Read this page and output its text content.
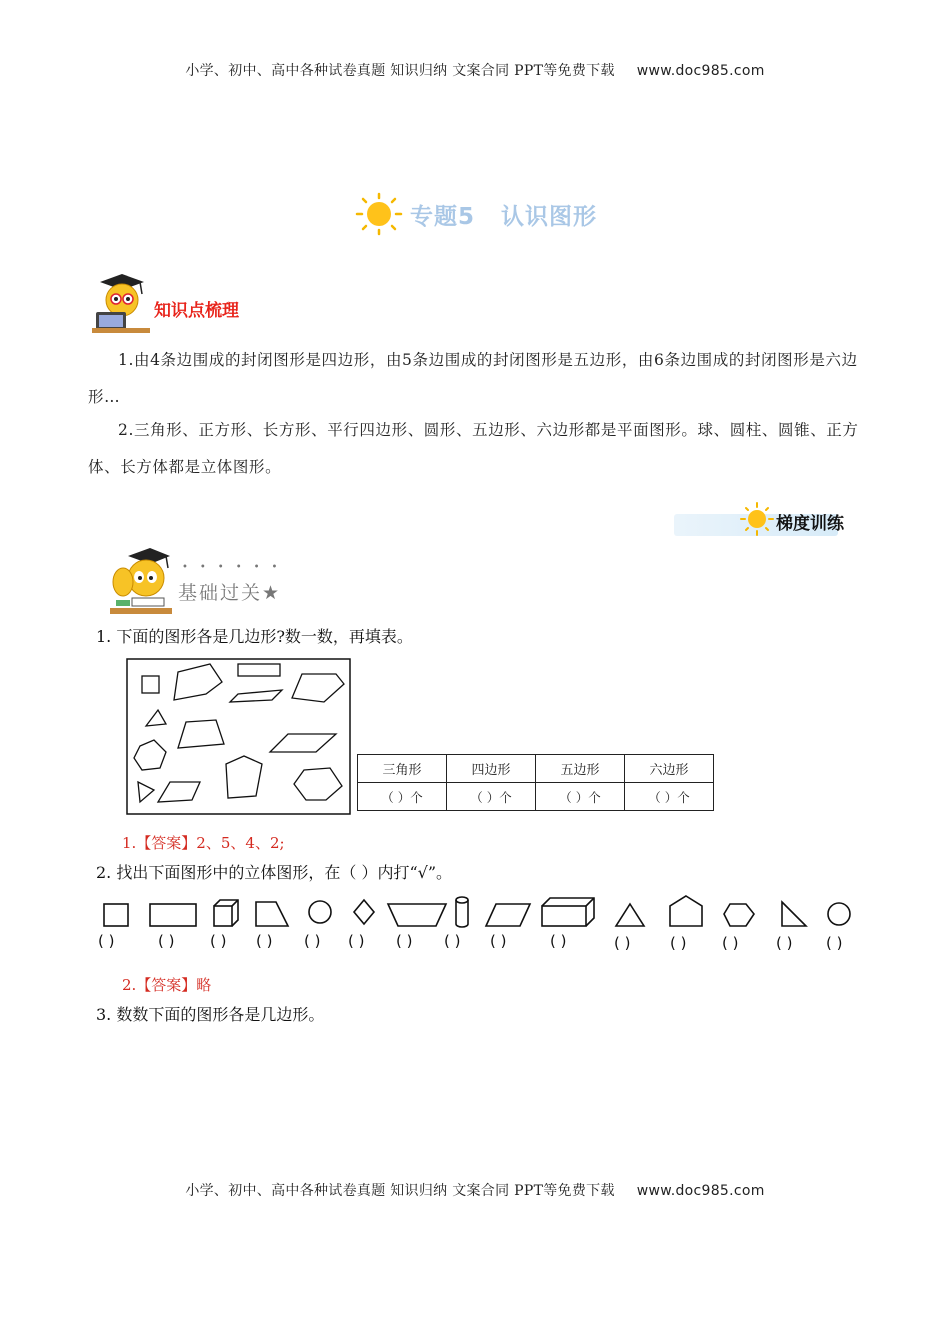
小学、初中、高中各种试卷真题 知识归纳 文案合同 PPT等免费下载 www.doc985.com
专题5 认识图形
知识点梳理
1.由4条边围成的封闭图形是四边形，由5条边围成的封闭图形是五边形，由6条边围成的封闭图形是六边形…
2.三角形、正方形、长方形、平行四边形、圆形、五边形、六边形都是平面图形。球、圆柱、圆锥、正方体、长方体都是立体图形。
梯度训练
••••••
基础过关★
1. 下面的图形各是几边形?数一数，再填表。
三角形	四边形	五边形	六边形
（ ）个	（ ）个	（ ）个	（ ）个
1.【答案】2、5、4、2;
2. 找出下面图形中的立体图形，在（ ）内打“√”。
( )	( ) ( ) ( ) ( ) ( ) ( ) ( ) ( )	( )	( )	( ) ( )	( ) ( )
2.【答案】略
3. 数数下面的图形各是几边形。
小学、初中、高中各种试卷真题 知识归纳 文案合同 PPT等免费下载 www.doc985.com
